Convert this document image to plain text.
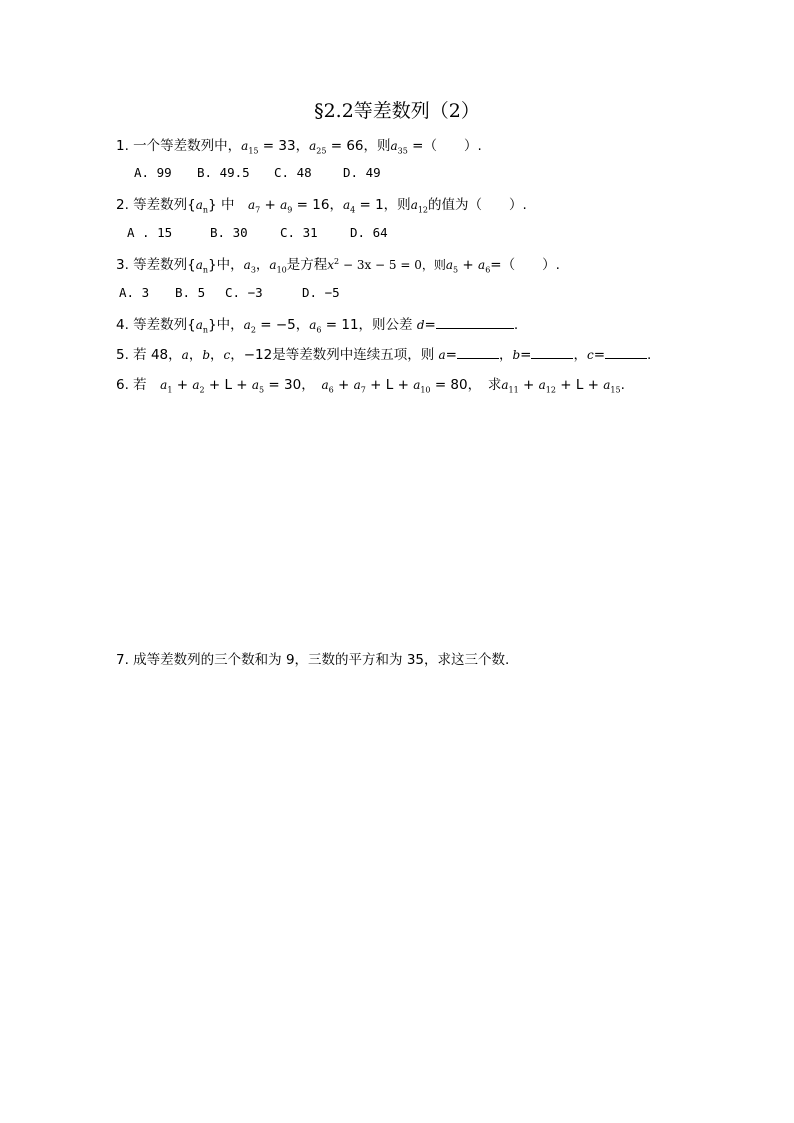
§2.2等差数列（2）
1. 一个等差数列中，$a_{15} = 33$，$a_{25} = 66$，则$a_{35}$ =（　　）.
A. 99 B. 49.5 C. 48	D. 49
2. 等差数列$\{a_n\}$ 中　$a_7 + a_9 = 16$，$a_4 = 1$，则$a_{12}$的值为（　　）.
A . 15	B. 30	C. 31	D. 64
3. 等差数列$\{a_n\}$中，$a_3$，$a_{10}$是方程$x^2 - 3x - 5 = 0$，则$a_5 + a_6=$（　　）.
A. 3 B. 5 C. −3	D. −5
4. 等差数列$\{a_n\}$中，$a_2 = -5$，$a_6 = 11$，则公差 d=	.
5. 若 48，a，b，c，−12是等差数列中连续五项，则 a=	，b=	，c=	.
6. 若　$a_1 + a_2 + L + a_5 = 30$，　$a_6 + a_7 + L + a_{10} = 80$，　求$a_{11} + a_{12} + L + a_{15}$.
7. 成等差数列的三个数和为 9，三数的平方和为 35，求这三个数.
